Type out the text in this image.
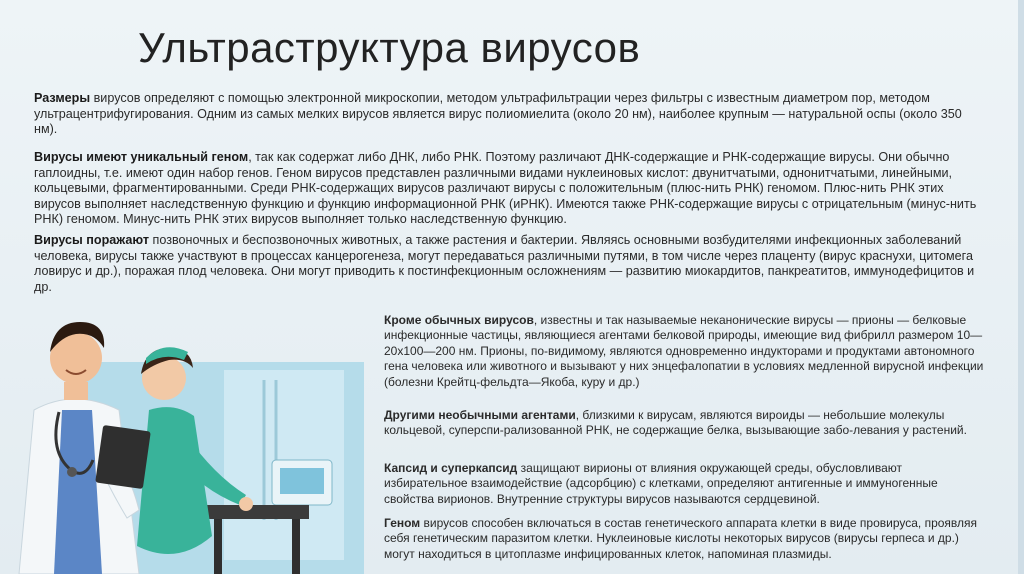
Ультраструктура вирусов

Размеры вирусов определяют с помощью электронной микроскопии, методом ультрафильтрации через фильтры с известным диаметром пор, методом ультрацентрифугирования. Одним из самых мелких вирусов является вирус полиомиелита (около 20 нм), наиболее крупным — натуральной оспы (около 350 нм).

Вирусы имеют уникальный геном, так как содержат либо ДНК, либо РНК. Поэтому различают ДНК-содержащие и РНК-содержащие вирусы. Они обычно гаплоидны, т.е. имеют один набор генов. Геном вирусов представлен различными видами нуклеиновых кислот: двунитчатыми, однонитчатыми, линейными, кольцевыми, фрагментированными. Среди РНК-содержащих вирусов различают вирусы с положительным (плюс-нить РНК) геномом. Плюс-нить РНК этих вирусов выполняет наследственную функцию и функцию информационной РНК (иРНК). Имеются также РНК-содержащие вирусы с отрицательным (минус-нить РНК) геномом. Минус-нить РНК этих вирусов выполняет только наследственную функцию.

Вирусы поражают позвоночных и беспозвоночных животных, а также растения и бактерии. Являясь основными возбудителями инфекционных заболеваний человека, вирусы также участвуют в процессах канцерогенеза, могут передаваться различными путями, в том числе через плаценту (вирус краснухи, цитомега ловирус и др.), поражая плод человека. Они могут приводить к постинфекционным осложнениям — развитию миокардитов, панкреатитов, иммунодефицитов и др.

Кроме обычных вирусов, известны и так называемые неканонические вирусы — прионы — белковые инфекционные частицы, являющиеся агентами белковой природы, имеющие вид фибрилл размером 10—20х100—200 нм. Прионы, по-видимому, являются одновременно индукторами и продуктами автономного гена человека или животного и вызывают у них энцефалопатии в условиях медленной вирусной инфекции (болезни Крейтц-фельдта—Якоба, куру и др.)

Другими необычными агентами, близкими к вирусам, являются вироиды — небольшие молекулы кольцевой, суперспи-рализованной РНК, не содержащие белка, вызывающие забо-левания у растений.

Капсид и суперкапсид защищают вирионы от влияния окружающей среды, обусловливают избирательное взаимодействие (адсорбцию) с клетками, определяют антигенные и иммуногенные свойства вирионов. Внутренние структуры вирусов называются сердцевиной.

Геном вирусов способен включаться в состав генетического аппарата клетки в виде провируса, проявляя себя генетическим паразитом клетки. Нуклеиновые кислоты некоторых вирусов (вирусы герпеса и др.) могут находиться в цитоплазме инфицированных клеток, напоминая плазмиды.
